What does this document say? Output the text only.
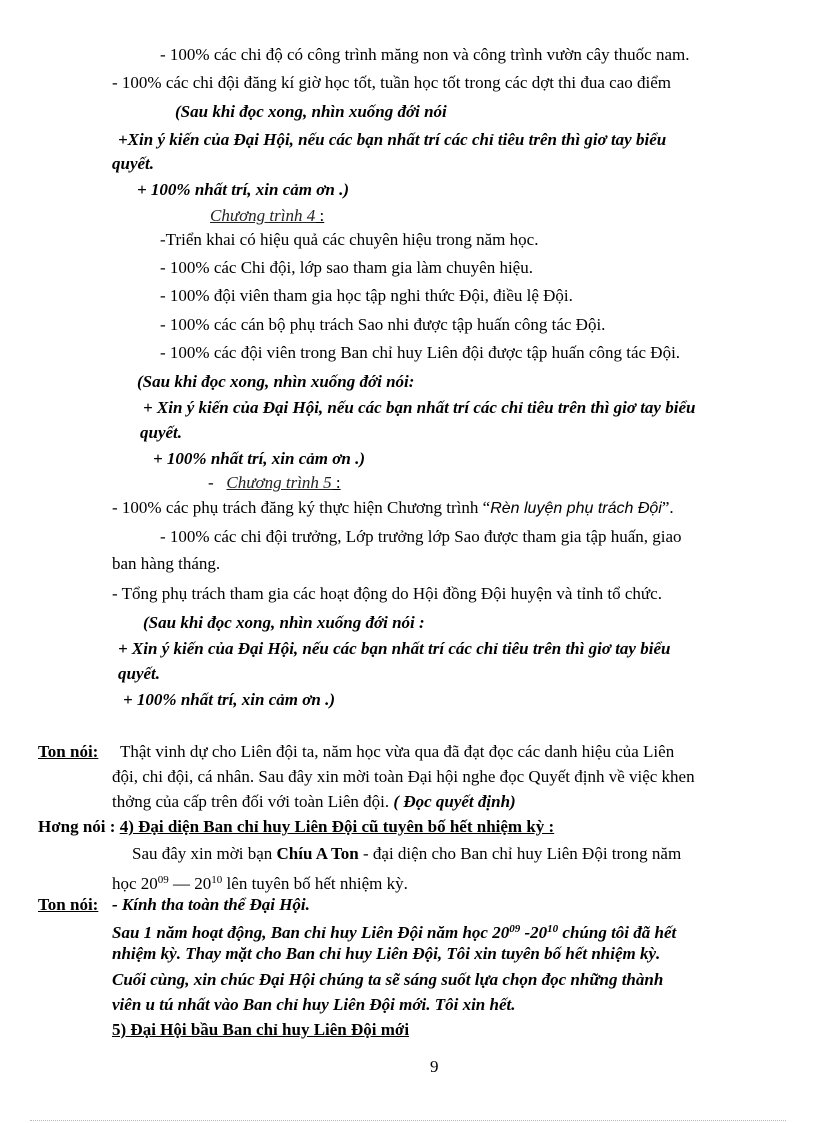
- 100% các chi độ có công trình măng non và công trình vườn cây thuốc nam.
- 100% các chi đội đăng kí giờ học tốt, tuần học tốt trong các dợt thi đua cao điểm
(Sau khi đọc xong, nhìn xuống đới nói
+Xin ý kiến của Đại Hội, nếu các bạn nhất trí các chỉ tiêu trên thì giơ tay biểu
quyết.
+ 100% nhất trí, xin cảm ơn .)
Chương trình 4 :
-Triển khai có hiệu quả các chuyên hiệu trong năm học.
- 100% các Chi đội, lớp sao tham gia làm chuyên hiệu.
- 100% đội viên tham gia học tập nghi thức Đội, điều lệ Đội.
- 100% các cán bộ phụ trách Sao nhi được tập huấn công tác Đội.
- 100% các đội viên trong Ban chỉ huy Liên đội được tập huấn công tác Đội.
(Sau khi đọc xong, nhìn xuống đới nói:
+ Xin ý kiến của Đại Hội, nếu các bạn nhất trí các chỉ tiêu trên thì giơ tay biểu
quyết.
+ 100% nhất trí, xin cảm ơn .)
- Chương trình 5 :
- 100% các phụ trách đăng ký thực hiện Chương trình “Rèn luyện phụ trách Đội”.
- 100% các chi đội trưởng, Lớp trưởng lớp Sao được tham gia tập huấn, giao
ban hàng tháng.
- Tổng phụ trách tham gia các hoạt động do Hội đồng Đội huyện và tỉnh tổ chức.
(Sau khi đọc xong, nhìn xuống đới nói :
+ Xin ý kiến của Đại Hội, nếu các bạn nhất trí các chỉ tiêu trên thì giơ tay biểu
quyết.
+ 100% nhất trí, xin cảm ơn .)
Ton nói: Thật vinh dự cho Liên đội ta, năm học vừa qua đã đạt đọc các danh hiệu của Liên
đội, chi đội, cá nhân. Sau đây xin mời toàn Đại hội nghe đọc Quyết định về việc khen
thởng của cấp trên đối với toàn Liên đội. ( Đọc quyết định)
Hơng nói : 4) Đại diện Ban chỉ huy Liên Đội cũ tuyên bố hết nhiệm kỳ :
Sau đây xin mời bạn Chíu A Ton - đại diện cho Ban chỉ huy Liên Đội trong năm
học $20^{09}$ — $20^{10}$ lên tuyên bố hết nhiệm kỳ.
Ton nói: - Kính tha toàn thể Đại Hội.
Sau 1 năm hoạt động, Ban chỉ huy Liên Đội năm học $20^{09}$ $-20^{10}$ chúng tôi đã hết
nhiệm kỳ. Thay mặt cho Ban chỉ huy Liên Đội, Tôi xin tuyên bố hết nhiệm kỳ.
Cuối cùng, xin chúc Đại Hội chúng ta sẽ sáng suốt lựa chọn đọc những thành
viên u tú nhất vào Ban chỉ huy Liên Đội mới. Tôi xin hết.
5) Đại Hội bầu Ban chỉ huy Liên Đội mới
9
